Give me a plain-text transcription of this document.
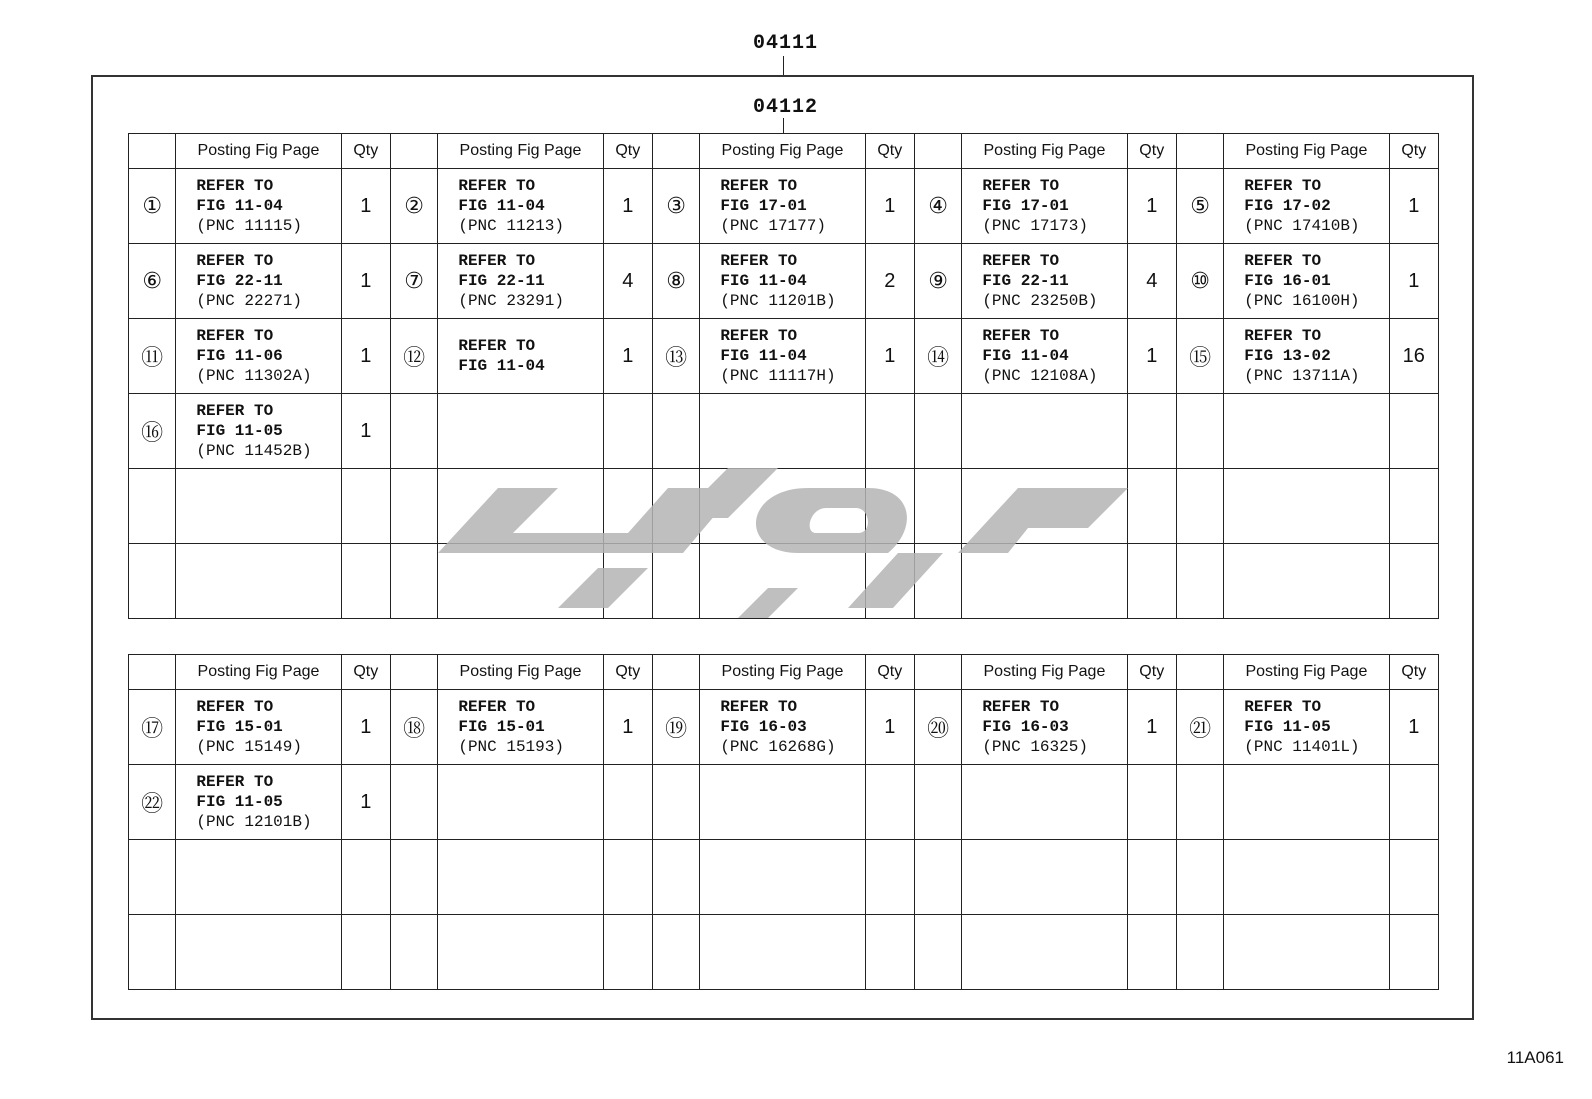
04111
04112
	Posting Fig Page	Qty		Posting Fig Page	Qty		Posting Fig Page	Qty		Posting Fig Page	Qty		Posting Fig Page	Qty
①	REFER TO
FIG 11-04
(PNC 11115)	1	②	REFER TO
FIG 11-04
(PNC 11213)	1	③	REFER TO
FIG 17-01
(PNC 17177)	1	④	REFER TO
FIG 17-01
(PNC 17173)	1	⑤	REFER TO
FIG 17-02
(PNC 17410B)	1
⑥	REFER TO
FIG 22-11
(PNC 22271)	1	⑦	REFER TO
FIG 22-11
(PNC 23291)	4	⑧	REFER TO
FIG 11-04
(PNC 11201B)	2	⑨	REFER TO
FIG 22-11
(PNC 23250B)	4	⑩	REFER TO
FIG 16-01
(PNC 16100H)	1
⑪	REFER TO
FIG 11-06
(PNC 11302A)	1	⑫	REFER TO
FIG 11-04	1	⑬	REFER TO
FIG 11-04
(PNC 11117H)	1	⑭	REFER TO
FIG 11-04
(PNC 12108A)	1	⑮	REFER TO
FIG 13-02
(PNC 13711A)	16
⑯	REFER TO
FIG 11-05
(PNC 11452B)	1		

	Posting Fig Page	Qty		Posting Fig Page	Qty		Posting Fig Page	Qty		Posting Fig Page	Qty		Posting Fig Page	Qty
⑰	REFER TO
FIG 15-01
(PNC 15149)	1	⑱	REFER TO
FIG 15-01
(PNC 15193)	1	⑲	REFER TO
FIG 16-03
(PNC 16268G)	1	⑳	REFER TO
FIG 16-03
(PNC 16325)	1	㉑	REFER TO
FIG 11-05
(PNC 11401L)	1
㉒	REFER TO
FIG 11-05
(PNC 12101B)	1		

11A061
